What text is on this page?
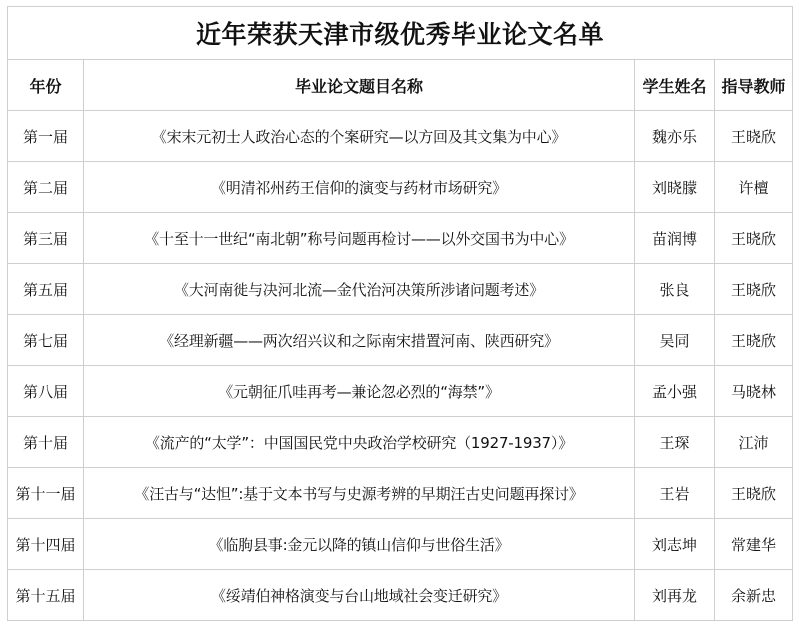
近年荣获天津市级优秀毕业论文名单			
年份	毕业论文题目名称	学生姓名	指导教师
第一届	《宋末元初士人政治心态的个案研究—以方回及其文集为中心》	魏亦乐	王晓欣
第二届	《明清祁州药王信仰的演变与药材市场研究》	刘晓朦	许檀
第三届	《十至十一世纪“南北朝”称号问题再检讨——以外交国书为中心》	苗润博	王晓欣
第五届	《大河南徙与决河北流—金代治河决策所涉诸问题考述》	张良	王晓欣
第七届	《经理新疆——两次绍兴议和之际南宋措置河南、陕西研究》	吴同	王晓欣
第八届	《元朝征爪哇再考—兼论忽必烈的“海禁”》	孟小强	马晓林
第十届	《流产的“太学”：中国国民党中央政治学校研究（1927-1937）》	王琛	江沛
第十一届	《汪古与“达怛”:基于文本书写与史源考辨的早期汪古史问题再探讨》	王岩	王晓欣
第十四届	《临朐县事:金元以降的镇山信仰与世俗生活》	刘志坤	常建华
第十五届	《绥靖伯神格演变与台山地域社会变迁研究》	刘再龙	余新忠
